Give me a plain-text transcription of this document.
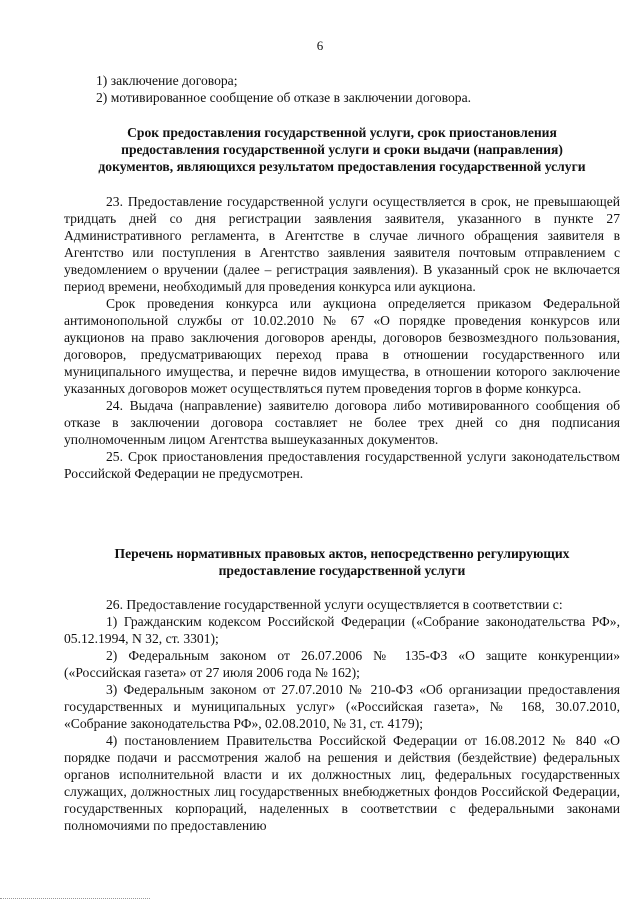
6
1) заключение договора;
2) мотивированное сообщение об отказе в заключении договора.
Срок предоставления государственной услуги, срок приостановления
предоставления государственной услуги и сроки выдачи (направления)
документов, являющихся результатом предоставления государственной услуги

23. Предоставление государственной услуги осуществляется в срок, не превышающей тридцать дней со дня регистрации заявления заявителя, указанного в пункте 27 Административного регламента, в Агентстве в случае личного обращения заявителя в Агентство или поступления в Агентство заявления заявителя почтовым отправлением с уведомлением о вручении (далее – регистрация заявления). В указанный срок не включается период времени, необходимый для проведения конкурса или аукциона.

Срок проведения конкурса или аукциона определяется приказом Федеральной антимонопольной службы от 10.02.2010 № 67 «О порядке проведения конкурсов или аукционов на право заключения договоров аренды, договоров безвозмездного пользования, договоров, предусматривающих переход права в отношении государственного или муниципального имущества, и перечне видов имущества, в отношении которого заключение указанных договоров может осуществляться путем проведения торгов в форме конкурса.

24. Выдача (направление) заявителю договора либо мотивированного сообщения об отказе в заключении договора составляет не более трех дней со дня подписания уполномоченным лицом Агентства вышеуказанных документов.

25. Срок приостановления предоставления государственной услуги законодательством Российской Федерации не предусмотрен.

Перечень нормативных правовых актов, непосредственно регулирующих
предоставление государственной услуги

26. Предоставление государственной услуги осуществляется в соответствии с:

1) Гражданским кодексом Российской Федерации («Собрание законодательства РФ», 05.12.1994, N 32, ст. 3301);

2) Федеральным законом от 26.07.2006 № 135-ФЗ «О защите конкуренции» («Российская газета» от 27 июля 2006 года № 162);

3) Федеральным законом от 27.07.2010 № 210-ФЗ «Об организации предоставления государственных и муниципальных услуг» («Российская газета», № 168, 30.07.2010, «Собрание законодательства РФ», 02.08.2010, № 31, ст. 4179);

4) постановлением Правительства Российской Федерации от 16.08.2012 № 840 «О порядке подачи и рассмотрения жалоб на решения и действия (бездействие) федеральных органов исполнительной власти и их должностных лиц, федеральных государственных служащих, должностных лиц государственных внебюджетных фондов Российской Федерации, государственных корпораций, наделенных в соответствии с федеральными законами полномочиями по предоставлению
